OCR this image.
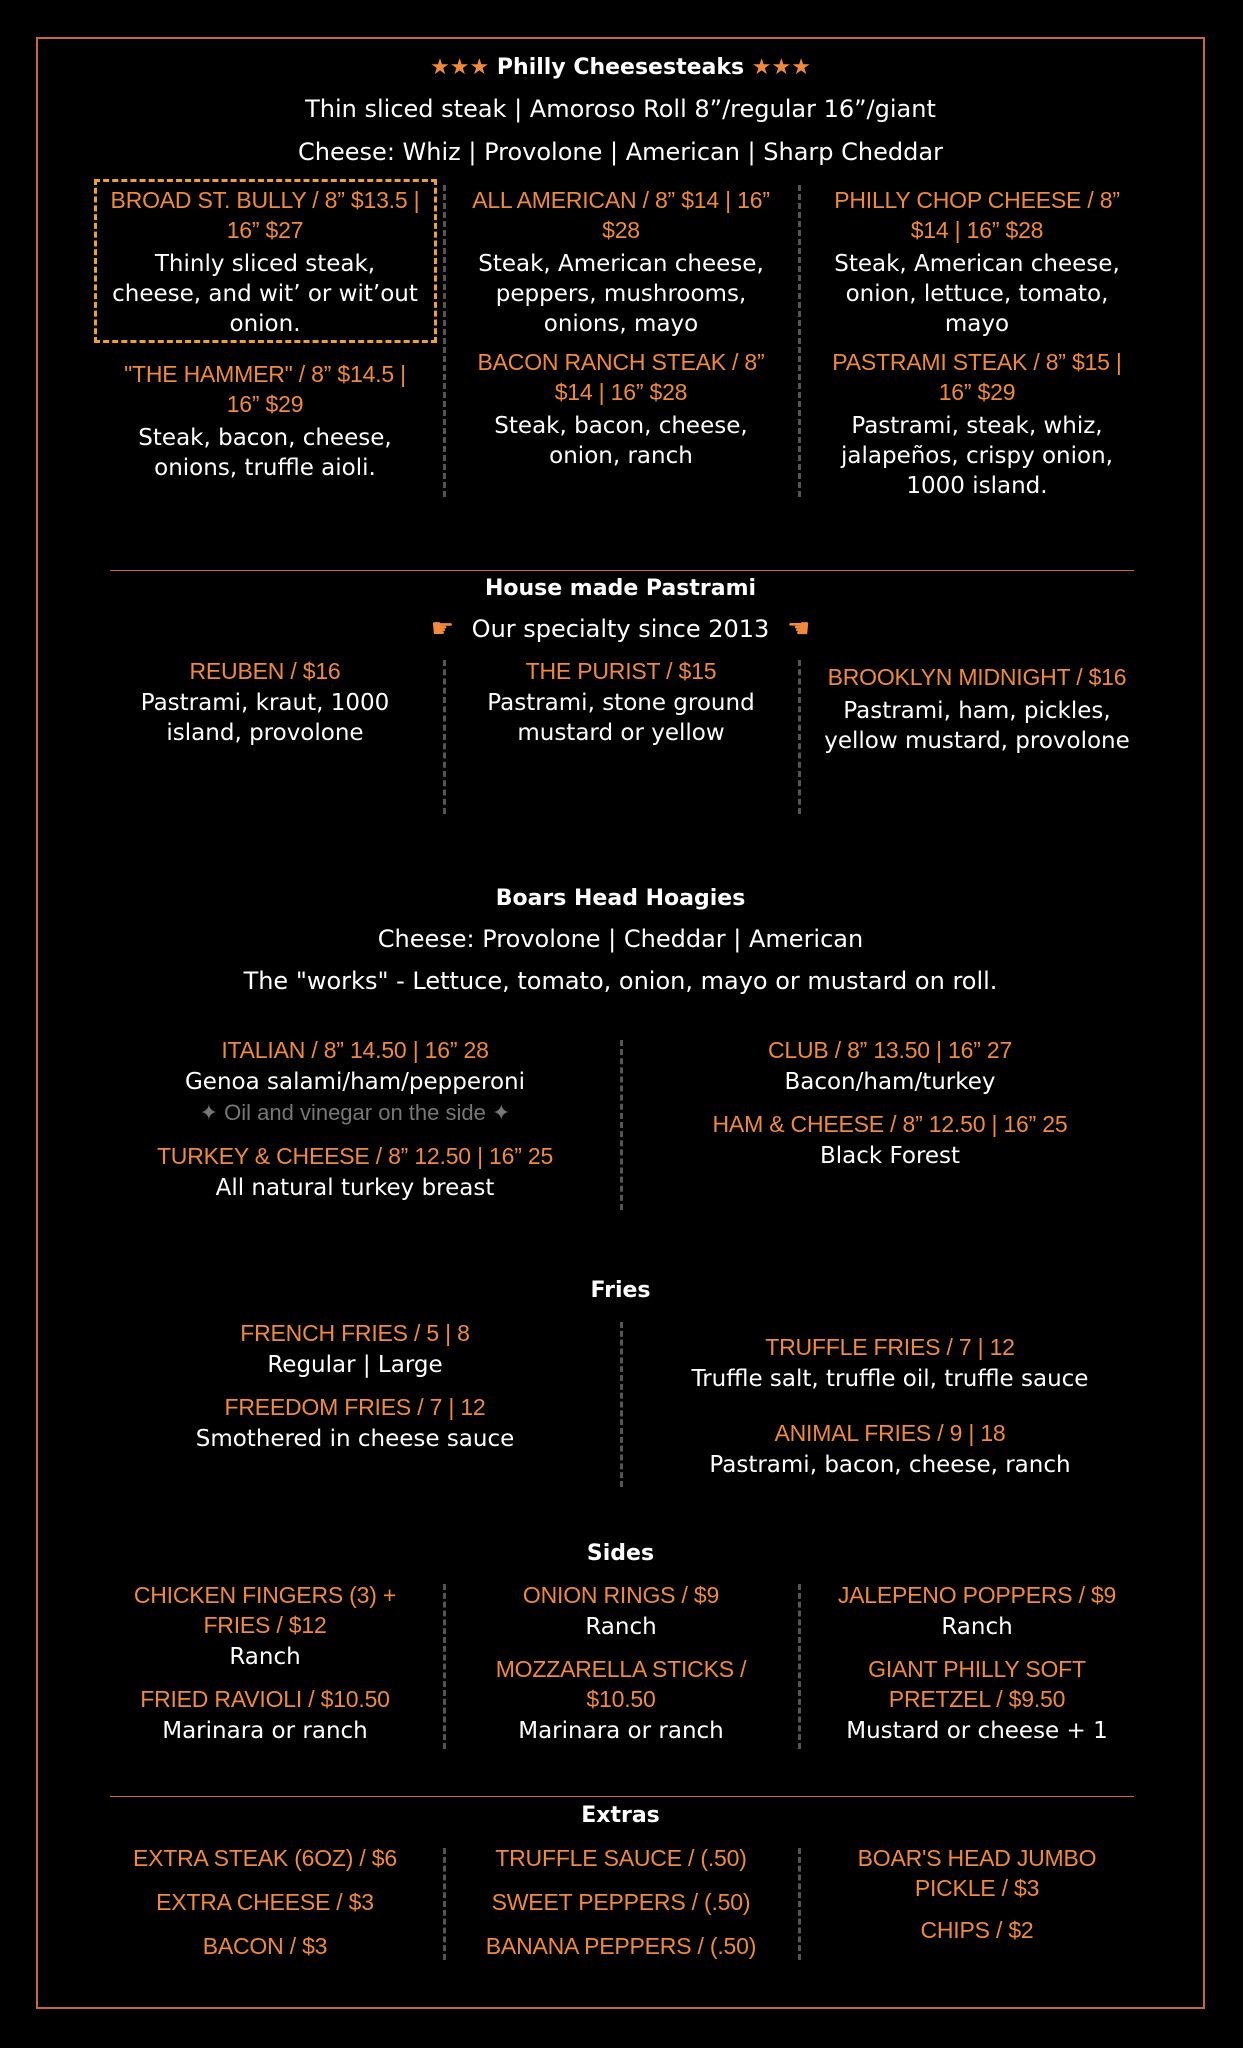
★★★ Philly Cheesesteaks ★★★
Thin sliced steak | Amoroso Roll 8”/regular 16”/giant
Cheese: Whiz | Provolone | American | Sharp Cheddar
BROAD ST. BULLY / 8” $13.5 | 16” $27
Thinly sliced steak, cheese, and wit’ or wit’out onion.
"THE HAMMER" / 8” $14.5 | 16” $29
Steak, bacon, cheese, onions, truffle aioli.
ALL AMERICAN / 8” $14 | 16” $28
Steak, American cheese, peppers, mushrooms, onions, mayo
BACON RANCH STEAK / 8” $14 | 16” $28
Steak, bacon, cheese, onion, ranch
PHILLY CHOP CHEESE / 8” $14 | 16” $28
Steak, American cheese, onion, lettuce, tomato, mayo
PASTRAMI STEAK / 8” $15 | 16” $29
Pastrami, steak, whiz, jalapeños, crispy onion, 1000 island.
House made Pastrami
☛ Our specialty since 2013 ☚
REUBEN / $16
Pastrami, kraut, 1000 island, provolone
THE PURIST / $15
Pastrami, stone ground mustard or yellow
BROOKLYN MIDNIGHT / $16
Pastrami, ham, pickles, yellow mustard, provolone
Boars Head Hoagies
Cheese: Provolone | Cheddar | American
The "works" - Lettuce, tomato, onion, mayo or mustard on roll.
ITALIAN / 8” 14.50 | 16” 28
Genoa salami/ham/pepperoni
✦ Oil and vinegar on the side ✦
TURKEY & CHEESE / 8” 12.50 | 16” 25
All natural turkey breast
CLUB / 8” 13.50 | 16” 27
Bacon/ham/turkey
HAM & CHEESE / 8” 12.50 | 16” 25
Black Forest
Fries
FRENCH FRIES / 5 | 8
Regular | Large
FREEDOM FRIES / 7 | 12
Smothered in cheese sauce
TRUFFLE FRIES / 7 | 12
Truffle salt, truffle oil, truffle sauce
ANIMAL FRIES / 9 | 18
Pastrami, bacon, cheese, ranch
Sides
CHICKEN FINGERS (3) + FRIES / $12
Ranch
FRIED RAVIOLI / $10.50
Marinara or ranch
ONION RINGS / $9
Ranch
MOZZARELLA STICKS / $10.50
Marinara or ranch
JALEPENO POPPERS / $9
Ranch
GIANT PHILLY SOFT PRETZEL / $9.50
Mustard or cheese + 1
Extras
EXTRA STEAK (6OZ) / $6
EXTRA CHEESE / $3
BACON / $3
TRUFFLE SAUCE / (.50)
SWEET PEPPERS / (.50)
BANANA PEPPERS / (.50)
BOAR'S HEAD JUMBO PICKLE / $3
CHIPS / $2
